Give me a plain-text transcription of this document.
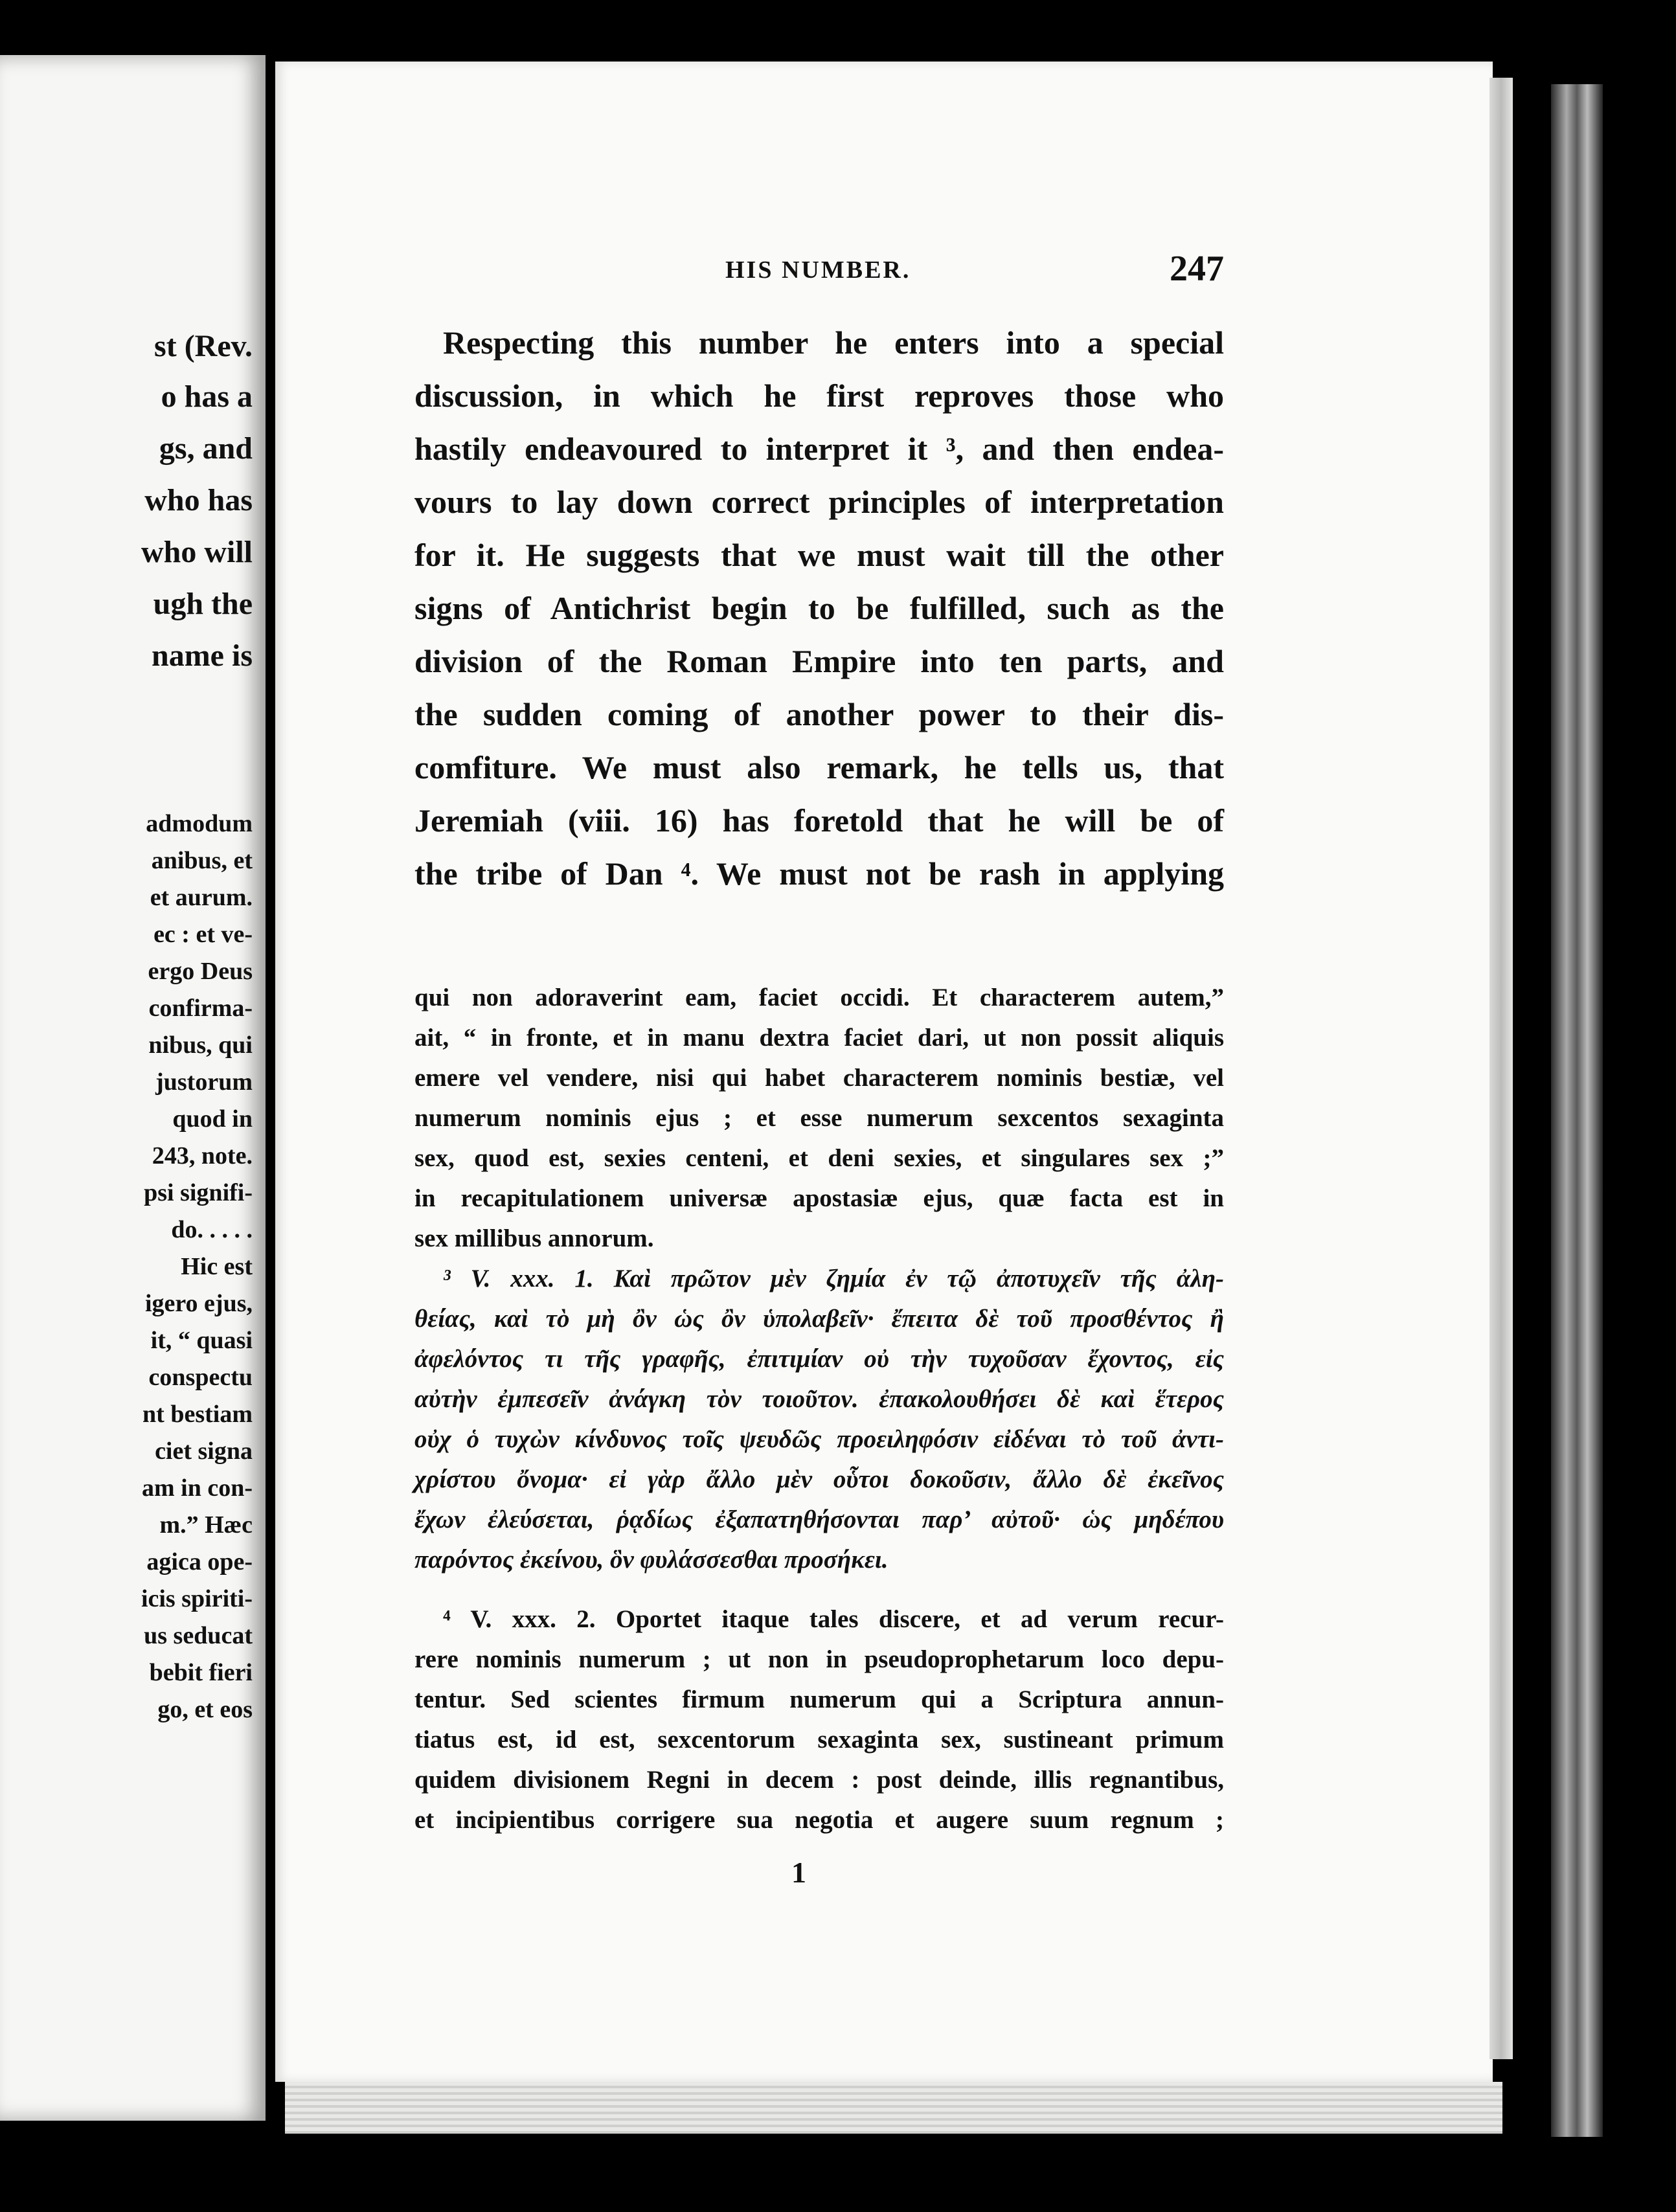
st (Rev.
o has a
gs, and
who has
who will
ugh the
name is
admodum
anibus, et
et aurum.
ec : et ve-
ergo Deus
confirma-
nibus, qui
justorum
quod in
243, note.
psi signifi-
do. . . . .
Hic est
igero ejus,
it, “ quasi
conspectu
nt bestiam
ciet signa
am in con-
m.” Hæc
agica ope-
icis spiriti-
us seducat
bebit fieri
go, et eos
HIS NUMBER.	247
Respecting this number he enters into a special
discussion, in which he first reproves those who
hastily endeavoured to interpret it ³, and then endea-
vours to lay down correct principles of interpretation
for it. He suggests that we must wait till the other
signs of Antichrist begin to be fulfilled, such as the
division of the Roman Empire into ten parts, and
the sudden coming of another power to their dis-
comfiture. We must also remark, he tells us, that
Jeremiah (viii. 16) has foretold that he will be of
the tribe of Dan ⁴. We must not be rash in applying
qui non adoraverint eam, faciet occidi. Et characterem autem,”
ait, “ in fronte, et in manu dextra faciet dari, ut non possit aliquis
emere vel vendere, nisi qui habet characterem nominis bestiæ, vel
numerum nominis ejus ; et esse numerum sexcentos sexaginta
sex, quod est, sexies centeni, et deni sexies, et singulares sex ;”
in recapitulationem universæ apostasiæ ejus, quæ facta est in
sex millibus annorum.
³ V. xxx. 1. Καὶ πρῶτον μὲν ζημία ἐν τῷ ἀποτυχεῖν τῆς ἀλη-
θείας, καὶ τὸ μὴ ὂν ὡς ὂν ὑπολαβεῖν· ἔπειτα δὲ τοῦ προσθέντος ἢ
ἀφελόντος τι τῆς γραφῆς, ἐπιτιμίαν οὐ τὴν τυχοῦσαν ἔχοντος, εἰς
αὐτὴν ἐμπεσεῖν ἀνάγκη τὸν τοιοῦτον. ἐπακολουθήσει δὲ καὶ ἕτερος
οὐχ ὁ τυχὼν κίνδυνος τοῖς ψευδῶς προειληφόσιν εἰδέναι τὸ τοῦ ἀντι-
χρίστου ὄνομα· εἰ γὰρ ἄλλο μὲν οὗτοι δοκοῦσιν, ἄλλο δὲ ἐκεῖνος
ἔχων ἐλεύσεται, ῥᾳδίως ἐξαπατηθήσονται παρ’ αὐτοῦ· ὡς μηδέπου
παρόντος ἐκείνου, ὃν φυλάσσεσθαι προσήκει.
⁴ V. xxx. 2. Oportet itaque tales discere, et ad verum recur-
rere nominis numerum ; ut non in pseudoprophetarum loco depu-
tentur. Sed scientes firmum numerum qui a Scriptura annun-
tiatus est, id est, sexcentorum sexaginta sex, sustineant primum
quidem divisionem Regni in decem : post deinde, illis regnantibus,
et incipientibus corrigere sua negotia et augere suum regnum ;
1
